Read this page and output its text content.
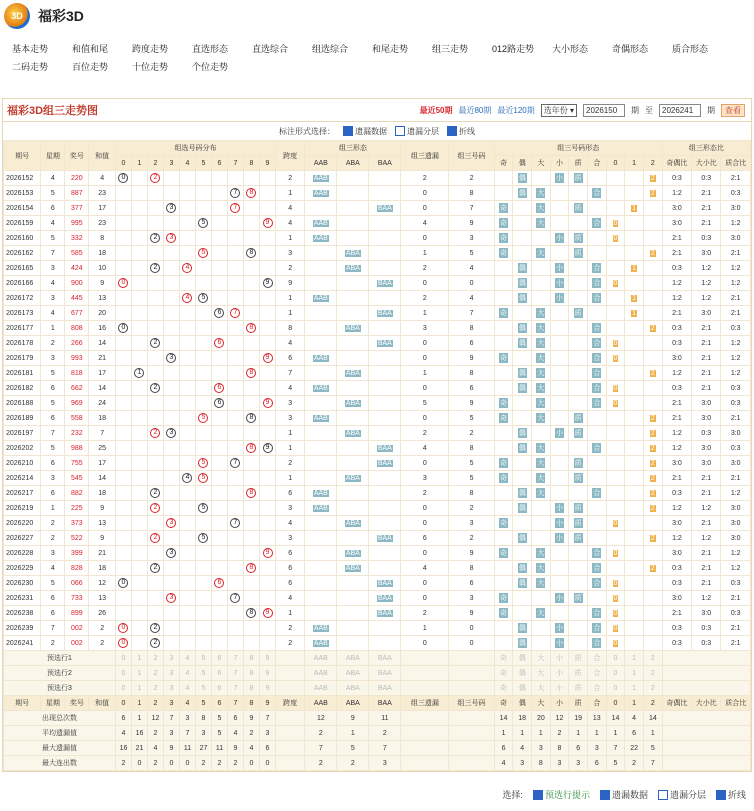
3D	福彩3D
基本走势	和值和尾	跨度走势	直选形态	直选综合	组选综合	和尾走势	组三走势	012路走势	大小形态	奇偶形态	质合形态
二码走势	百位走势	十位走势	个位走势
福彩3D组三走势图	最近50期 最近80期 最近120期	选年份 ▾	2026150	期 至	2026241	期	查看
标注形式选择：	遗漏数据	遗漏分层	折线
期号	星期	奖号	和值	组选号码分布										跨度	组三形态			组三遗漏	组三号码	组三号码形态									组三形态比		
				0	1	2	3	4	5	6	7	8	9		AAB	ABA	BAA			奇	偶	大	小	质	合	0	1	2	奇偶比	大小比	质合比
2026152	4	220	4	0		2								2	AAB			2	2		偶		小	质				2	0:3	0:3	2:1
2026153	5	887	23								7	8		1	AAB			0	8		偶	大			合			2	1:2	2:1	0:3
2026154	6	377	17				3				7			4			BAA	0	7	奇		大		质			1		3:0	2:1	3:0
2026159	4	995	23						5				9	4	AAB			4	9	奇		大			合	0			3:0	2:1	1:2
2026160	5	332	8			2	3							1	AAB			0	3	奇			小	质		0			2:1	0:3	3:0
2026162	7	585	18						5			8		3		ABA		1	5	奇		大		质				2	2:1	3:0	2:1
2026165	3	424	10			2		4						2		ABA		2	4		偶		小		合		1		0:3	1:2	1:2
2026166	4	900	9	0									9	9			BAA	0	0		偶		小		合	0			1:2	1:2	1:2
2026172	3	445	13					4	5					1	AAB			2	4		偶		小		合		1		1:2	1:2	2:1
2026173	4	677	20							6	7			1			BAA	1	7	奇		大		质			1		2:1	3:0	2:1
2026177	1	808	16	0								8		8		ABA		3	8		偶	大			合			2	0:3	2:1	0:3
2026178	2	266	14			2				6				4			BAA	0	6		偶	大			合	0			0:3	2:1	1:2
2026179	3	993	21				3						9	6	AAB			0	9	奇		大			合	0			3:0	2:1	1:2
2026181	5	818	17		1							8		7		ABA		1	8		偶	大			合			2	1:2	2:1	1:2
2026182	6	662	14			2				6				4	AAB			0	6		偶	大			合	0			0:3	2:1	0:3
2026188	5	969	24							6			9	3		ABA		5	9	奇		大			合	0			2:1	3:0	0:3
2026189	6	558	18						5			8		3	AAB			0	5	奇		大		质				2	2:1	3:0	2:1
2026197	7	232	7			2	3							1		ABA		2	2		偶		小	质				2	1:2	0:3	3:0
2026202	5	988	25									8	9	1			BAA	4	8		偶	大			合			2	1:2	3:0	0:3
2026210	6	755	17						5		7			2			BAA	0	5	奇		大		质				2	3:0	3:0	3:0
2026214	3	545	14					4	5					1		ABA		3	5	奇		大		质				2	2:1	2:1	2:1
2026217	6	882	18			2						8		6	AAB			2	8		偶	大			合			2	0:3	2:1	1:2
2026219	1	225	9			2			5					3	AAB			0	2		偶		小	质				2	1:2	1:2	3:0
2026220	2	373	13				3				7			4		ABA		0	3	奇			小	质		0			3:0	2:1	3:0
2026227	2	522	9			2			5					3			BAA	6	2		偶		小	质				2	1:2	1:2	3:0
2026228	3	399	21				3						9	6		ABA		0	9	奇		大			合	0			3:0	2:1	1:2
2026229	4	828	18			2						8		6		ABA		4	8		偶	大			合			2	0:3	2:1	1:2
2026230	5	066	12	0						6				6			BAA	0	6		偶	大			合	0			0:3	2:1	0:3
2026231	6	733	13				3				7			4			BAA	0	3	奇			小	质		0			3:0	1:2	2:1
2026238	6	899	26									8	9	1			BAA	2	9	奇		大			合	0			2:1	3:0	0:3
2026239	7	002	2	0		2								2	AAB			1	0		偶		小		合	0			0:3	0:3	2:1
2026241	2	002	2	0		2								2	AAB			0	0		偶		小		合	0			0:3	0:3	2:1
预选行1				0	1	2	3	4	5	6	7	8	9		AAB	ABA	BAA			奇	偶	大	小	质	合	0	1	2			
预选行2				0	1	2	3	4	5	6	7	8	9		AAB	ABA	BAA			奇	偶	大	小	质	合	0	1	2			
预选行3				0	1	2	3	4	5	6	7	8	9		AAB	ABA	BAA			奇	偶	大	小	质	合	0	1	2			
期号	星期	奖号	和值	0	1	2	3	4	5	6	7	8	9	跨度	AAB	ABA	BAA	组三遗漏	组三号码	奇	偶	大	小	质	合	0	1	2	奇偶比	大小比	质合比
出现总次数				6	1	12	7	3	8	5	6	9	7		12	9	11			14	18	20	12	19	13	14	4	14			
平均遗漏值				4	16	2	3	7	3	5	4	2	3		2	1	2			1	1	1	2	1	1	1	6	1			
最大遗漏值				16	21	4	9	11	27	11	9	4	6		7	5	7			6	4	3	8	6	3	7	22	5			
最大连出数				2	0	2	0	0	2	2	2	0	0		2	2	3			4	3	8	3	3	6	5	2	7			
选择:	预选行提示	遗漏数据	遗漏分层	折线
